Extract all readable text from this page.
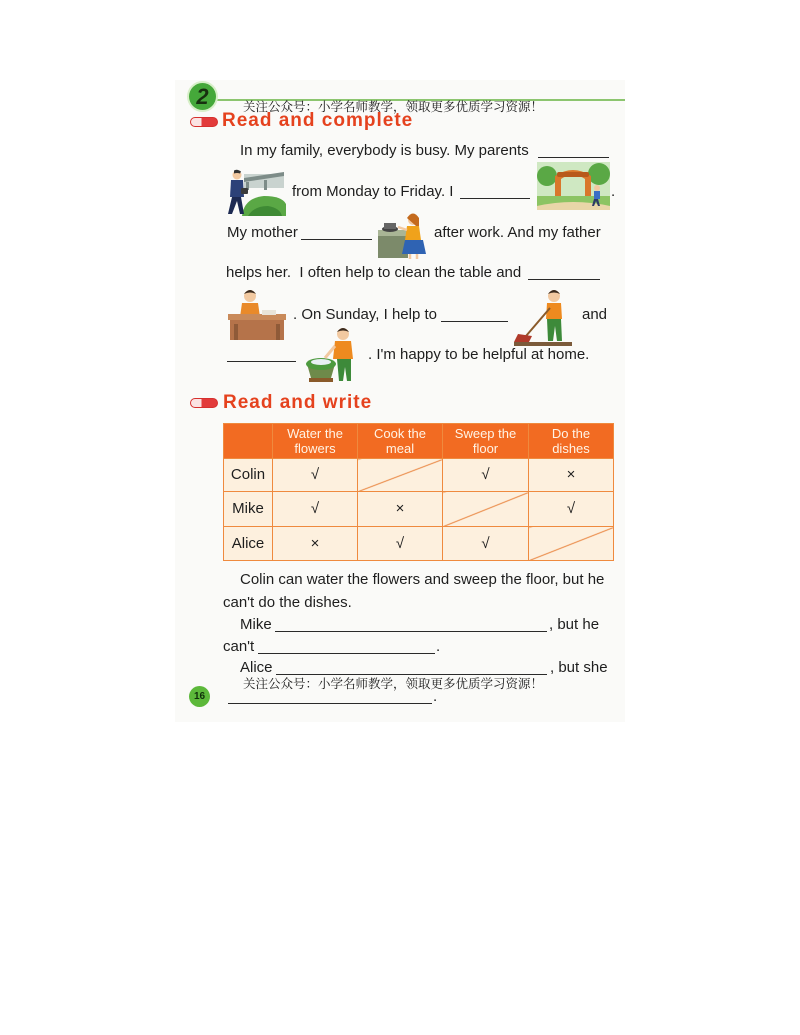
2	关注公众号：小学名师教学，领取更多优质学习资源！
Read and complete
In my family, everybody is busy. My parents
from Monday to Friday. I	.
My mother	after work. And my father
helps her.  I often help to clean the table and
. On Sunday, I help to	and
. I'm happy to be helpful at home.
Read and write
	Water the flowers	Cook the meal	Sweep the floor	Do the dishes
Colin	√		√	×
Mike	√	×		√
Alice	×	√	√	
Colin can water the flowers and sweep the floor, but he
can't do the dishes.
Mike	, but he
can't	.
Alice	, but she
关注公众号：小学名师教学，领取更多优质学习资源！
16	.
